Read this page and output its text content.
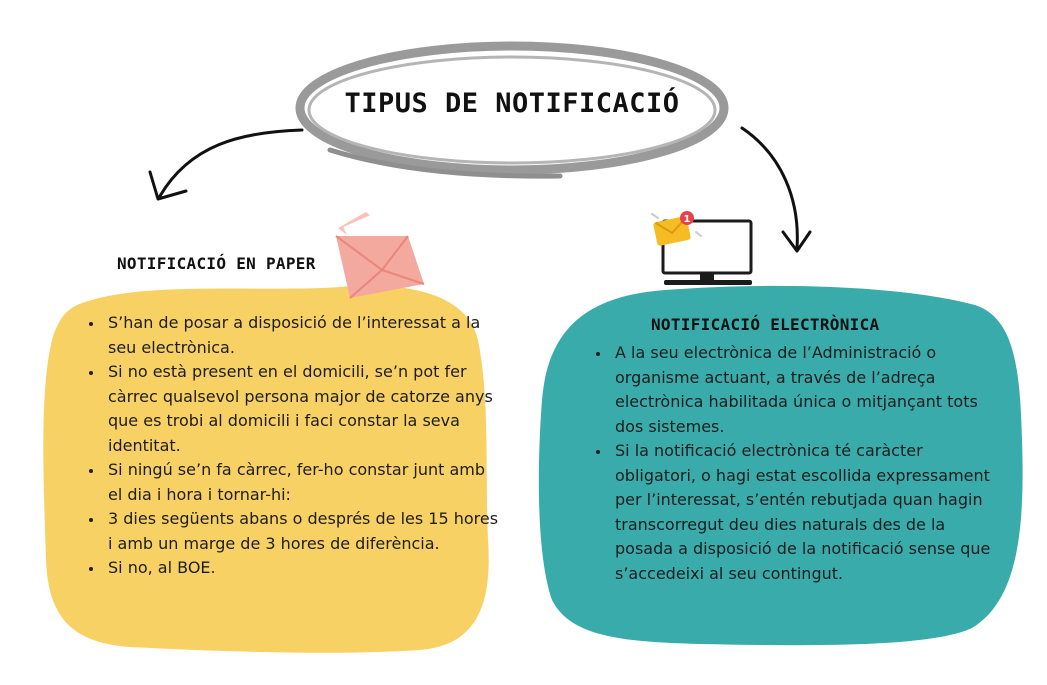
1
TIPUS DE NOTIFICACIÓ
NOTIFICACIÓ EN PAPER
• S’han de posar a disposició de l’interessat a la seu electrònica.
• Si no està present en el domicili, se’n pot fer càrrec qualsevol persona major de catorze anys que es trobi al domicili i faci constar la seva identitat.
• Si ningú se’n fa càrrec, fer-ho constar junt amb el dia i hora i tornar-hi:
• 3 dies següents abans o després de les 15 hores i amb un marge de 3 hores de diferència.
• Si no, al BOE.
NOTIFICACIÓ ELECTRÒNICA
• A la seu electrònica de l’Administració o organisme actuant, a través de l’adreça electrònica habilitada única o mitjançant tots dos sistemes.
• Si la notificació electrònica té caràcter obligatori, o hagi estat escollida expressament per l’interessat, s’entén rebutjada quan hagin transcorregut deu dies naturals des de la posada a disposició de la notificació sense que s’accedeixi al seu contingut.
